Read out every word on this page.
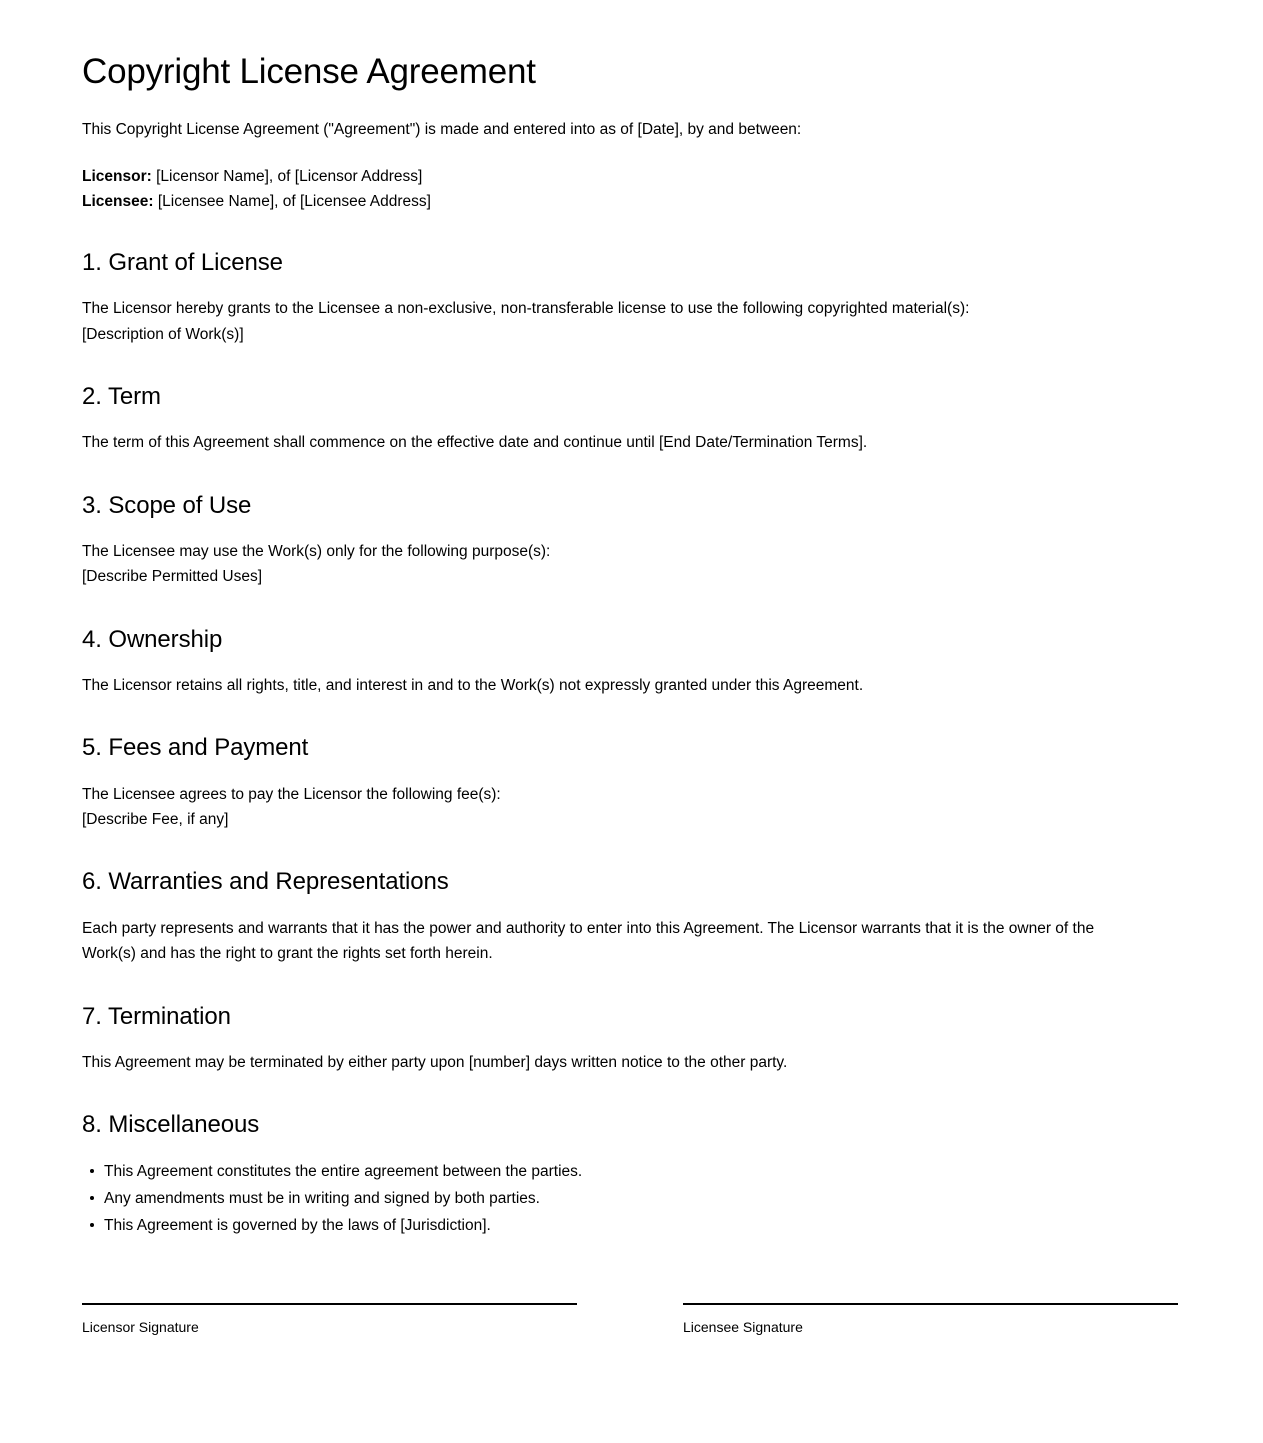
Copyright License Agreement

This Copyright License Agreement ("Agreement") is made and entered into as of [Date], by and between:

Licensor: [Licensor Name], of [Licensor Address]

Licensee: [Licensee Name], of [Licensee Address]

1. Grant of License

The Licensor hereby grants to the Licensee a non-exclusive, non-transferable license to use the following copyrighted material(s):
[Description of Work(s)]

2. Term

The term of this Agreement shall commence on the effective date and continue until [End Date/Termination Terms].

3. Scope of Use

The Licensee may use the Work(s) only for the following purpose(s):
[Describe Permitted Uses]

4. Ownership

The Licensor retains all rights, title, and interest in and to the Work(s) not expressly granted under this Agreement.

5. Fees and Payment

The Licensee agrees to pay the Licensor the following fee(s):
[Describe Fee, if any]

6. Warranties and Representations

Each party represents and warrants that it has the power and authority to enter into this Agreement. The Licensor warrants that it is the owner of the Work(s) and has the right to grant the rights set forth herein.

7. Termination

This Agreement may be terminated by either party upon [number] days written notice to the other party.

8. Miscellaneous
This Agreement constitutes the entire agreement between the parties.
Any amendments must be in writing and signed by both parties.
This Agreement is governed by the laws of [Jurisdiction].
Licensor Signature	Licensee Signature
